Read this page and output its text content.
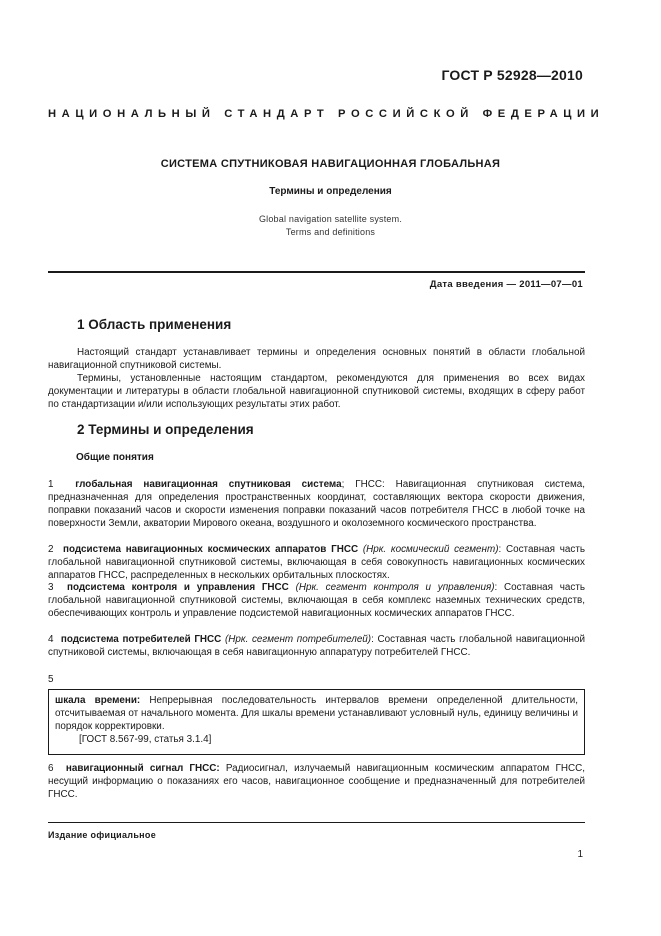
ГОСТ Р 52928—2010
НАЦИОНАЛЬНЫЙ СТАНДАРТ РОССИЙСКОЙ ФЕДЕРАЦИИ
СИСТЕМА СПУТНИКОВАЯ НАВИГАЦИОННАЯ ГЛОБАЛЬНАЯ
Термины и определения
Global navigation satellite system.
Terms and definitions
Дата введения — 2011—07—01
1 Область применения
Настоящий стандарт устанавливает термины и определения основных понятий в области глобальной навигационной спутниковой системы.
Термины, установленные настоящим стандартом, рекомендуются для применения во всех видах документации и литературы в области глобальной навигационной спутниковой системы, входящих в сферу работ по стандартизации и/или использующих результаты этих работ.
2 Термины и определения
Общие понятия
1 глобальная навигационная спутниковая система; ГНСС: Навигационная спутниковая система, предназначенная для определения пространственных координат, составляющих вектора скорости движения, поправки показаний часов и скорости изменения поправки показаний часов потребителя ГНСС в любой точке на поверхности Земли, акватории Мирового океана, воздушного и околоземного космического пространства.
2 подсистема навигационных космических аппаратов ГНСС (Нрк. космический сегмент): Составная часть глобальной навигационной спутниковой системы, включающая в себя совокупность навигационных космических аппаратов ГНСС, распределенных в нескольких орбитальных плоскостях.
3 подсистема контроля и управления ГНСС (Нрк. сегмент контроля и управления): Составная часть глобальной навигационной спутниковой системы, включающая в себя комплекс наземных технических средств, обеспечивающих контроль и управление подсистемой навигационных космических аппаратов ГНСС.
4 подсистема потребителей ГНСС (Нрк. сегмент потребителей): Составная часть глобальной навигационной спутниковой системы, включающая в себя навигационную аппаратуру потребителей ГНСС.
5
шкала времени: Непрерывная последовательность интервалов времени определенной длительности, отсчитываемая от начального момента. Для шкалы времени устанавливают условный нуль, единицу величины и порядок корректировки.
[ГОСТ 8.567-99, статья 3.1.4]
6 навигационный сигнал ГНСС: Радиосигнал, излучаемый навигационным космическим аппаратом ГНСС, несущий информацию о показаниях его часов, навигационное сообщение и предназначенный для потребителей ГНСС.
Издание официальное
1
